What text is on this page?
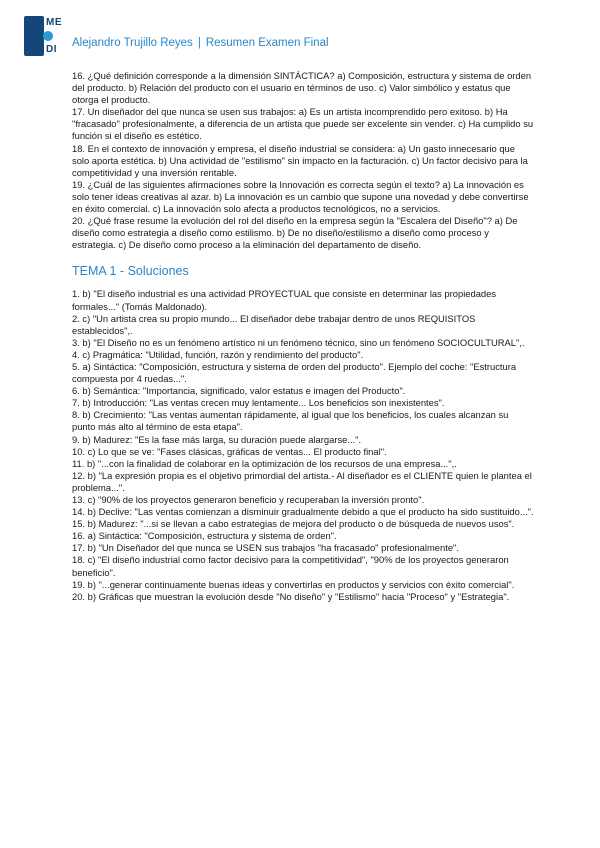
ME
DI
Alejandro Trujillo Reyes | Resumen Examen Final

16. ¿Qué definición corresponde a la dimensión SINTÁCTICA? a) Composición, estructura y sistema de orden del producto. b) Relación del producto con el usuario en términos de uso. c) Valor simbólico y estatus que otorga el producto.

17. Un diseñador del que nunca se usen sus trabajos: a) Es un artista incomprendido pero exitoso. b) Ha "fracasado" profesionalmente, a diferencia de un artista que puede ser excelente sin vender. c) Ha cumplido su función si el diseño es estético.

18. En el contexto de innovación y empresa, el diseño industrial se considera: a) Un gasto innecesario que solo aporta estética. b) Una actividad de "estilismo" sin impacto en la facturación. c) Un factor decisivo para la competitividad y una inversión rentable.

19. ¿Cuál de las siguientes afirmaciones sobre la Innovación es correcta según el texto? a) La innovación es solo tener ideas creativas al azar. b) La innovación es un cambio que supone una novedad y debe convertirse en éxito comercial. c) La innovación solo afecta a productos tecnológicos, no a servicios.

20. ¿Qué frase resume la evolución del rol del diseño en la empresa según la "Escalera del Diseño"? a) De diseño como estrategia a diseño como estilismo. b) De no diseño/estilismo a diseño como proceso y estrategia. c) De diseño como proceso a la eliminación del departamento de diseño.

TEMA 1 - Soluciones

1. b) "El diseño industrial es una actividad PROYECTUAL que consiste en determinar las propiedades formales..." (Tomás Maldonado).

2. c) "Un artista crea su propio mundo... El diseñador debe trabajar dentro de unos REQUISITOS establecidos",.

3. b) "El Diseño no es un fenómeno artístico ni un fenómeno técnico, sino un fenómeno SOCIOCULTURAL",.

4. c) Pragmática: "Utilidad, función, razón y rendimiento del producto".

5. a) Sintáctica: "Composición, estructura y sistema de orden del producto". Ejemplo del coche: "Estructura compuesta por 4 ruedas...".

6. b) Semántica: "Importancia, significado, valor estatus e imagen del Producto".

7. b) Introducción: "Las ventas crecen muy lentamente... Los beneficios son inexistentes".

8. b) Crecimiento: "Las ventas aumentan rápidamente, al igual que los beneficios, los cuales alcanzan su punto más alto al término de esta etapa".

9. b) Madurez: "Es la fase más larga, su duración puede alargarse...".

10. c) Lo que se ve: "Fases clásicas, gráficas de ventas... El producto final".

11. b) "...con la finalidad de colaborar en la optimización de los recursos de una empresa...",.

12. b) "La expresión propia es el objetivo primordial del artista.- Al diseñador es el CLIENTE quien le plantea el problema...".

13. c) "90% de los proyectos generaron beneficio y recuperaban la inversión pronto".

14. b) Declive: "Las ventas comienzan a disminuir gradualmente debido a que el producto ha sido sustituido...".

15. b) Madurez: "...si se llevan a cabo estrategias de mejora del producto o de búsqueda de nuevos usos".

16. a) Sintáctica: "Composición, estructura y sistema de orden".

17. b) "Un Diseñador del que nunca se USEN sus trabajos "ha fracasado" profesionalmente".

18. c) "El diseño industrial como factor decisivo para la competitividad", "90% de los proyectos generaron beneficio".

19. b) "...generar continuamente buenas ideas y convertirlas en productos y servicios con éxito comercial".

20. b) Gráficas que muestran la evolución desde "No diseño" y "Estilismo" hacia "Proceso" y "Estrategia".
